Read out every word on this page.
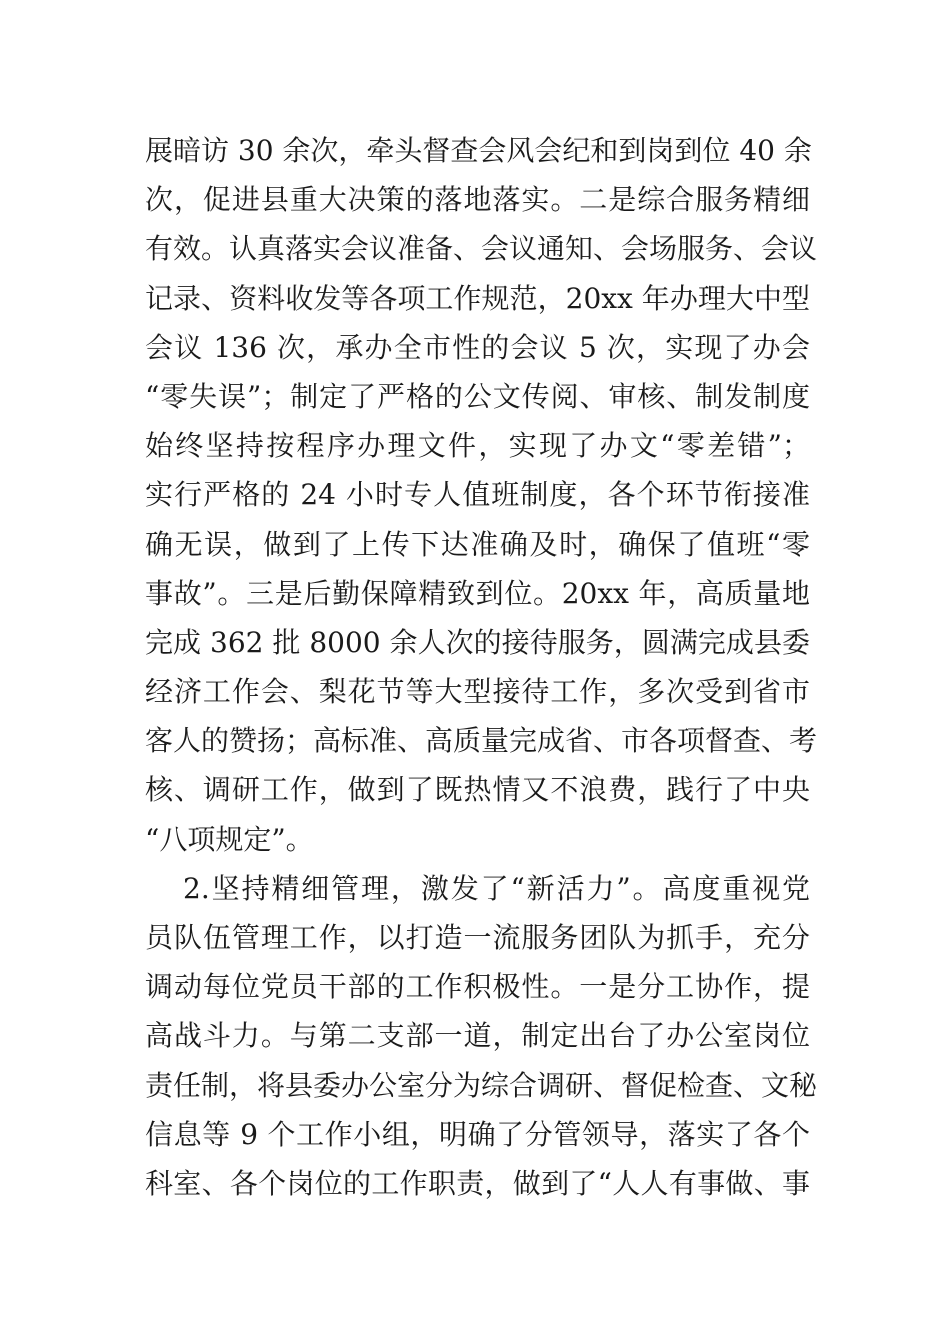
展暗访 30 余次，牵头督查会风会纪和到岗到位 40 余
次，促进县重大决策的落地落实。二是综合服务精细
有效。认真落实会议准备、会议通知、会场服务、会议
记录、资料收发等各项工作规范，20xx 年办理大中型
会议 136 次，承办全市性的会议 5 次，实现了办会
“零失误”；制定了严格的公文传阅、审核、制发制度
始终坚持按程序办理文件，实现了办文“零差错”；
实行严格的 24 小时专人值班制度，各个环节衔接准
确无误，做到了上传下达准确及时，确保了值班“零
事故”。三是后勤保障精致到位。20xx 年，高质量地
完成 362 批 8000 余人次的接待服务，圆满完成县委
经济工作会、梨花节等大型接待工作，多次受到省市
客人的赞扬；高标准、高质量完成省、市各项督查、考
核、调研工作，做到了既热情又不浪费，践行了中央
“八项规定”。
2.坚持精细管理，激发了“新活力”。高度重视党
员队伍管理工作，以打造一流服务团队为抓手，充分
调动每位党员干部的工作积极性。一是分工协作，提
高战斗力。与第二支部一道，制定出台了办公室岗位
责任制，将县委办公室分为综合调研、督促检查、文秘
信息等 9 个工作小组，明确了分管领导，落实了各个
科室、各个岗位的工作职责，做到了“人人有事做、事
